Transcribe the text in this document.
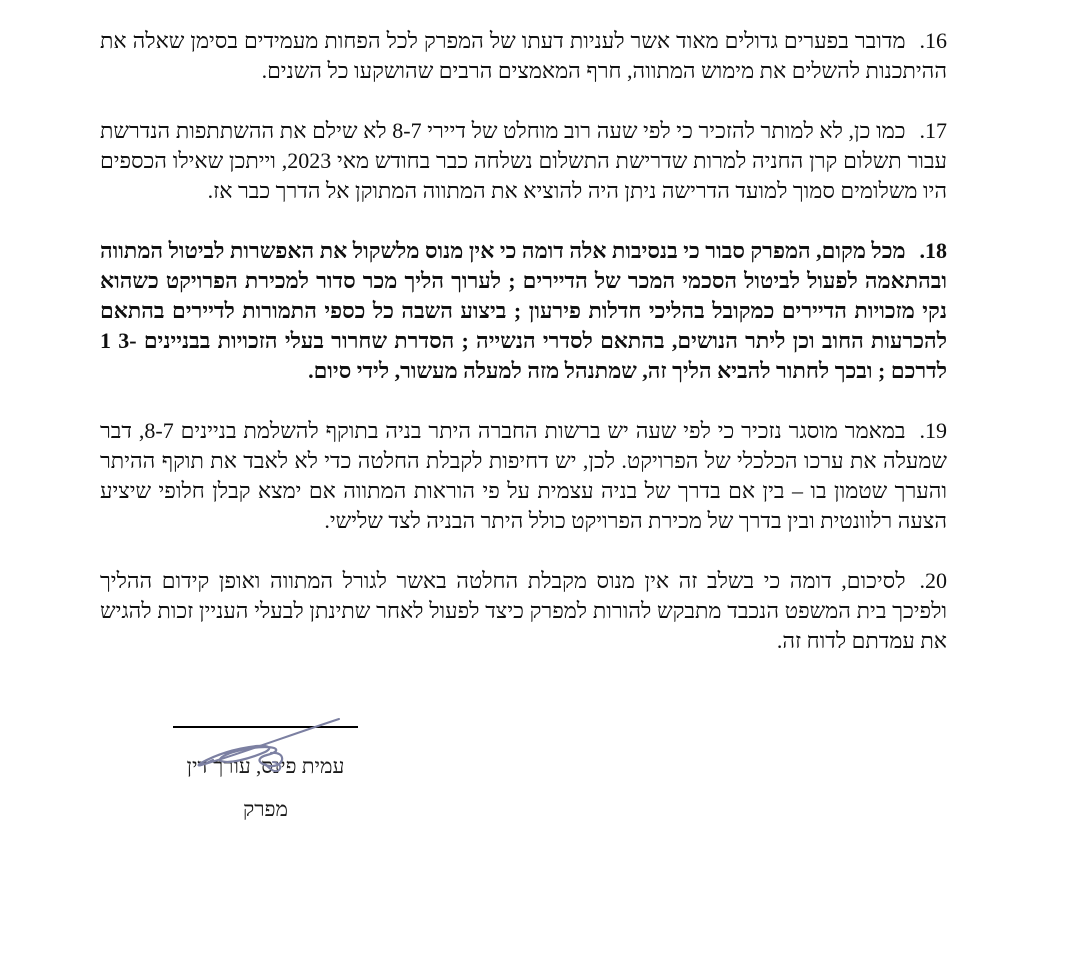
16.מדובר בפערים גדולים מאוד אשר לעניות דעתו של המפרק לכל הפחות מעמידים בסימן שאלה את ההיתכנות להשלים את מימוש המתווה, חרף המאמצים הרבים שהושקעו כל השנים.
17.כמו כן, לא למותר להזכיר כי לפי שעה רוב מוחלט של דיירי 8-7 לא שילם את ההשתתפות הנדרשת עבור תשלום קרן החניה למרות שדרישת התשלום נשלחה כבר בחודש מאי 2023, וייתכן שאילו הכספים היו משלומים סמוך למועד הדרישה ניתן היה להוציא את המתווה המתוקן אל הדרך כבר אז.
18.מכל מקום, המפרק סבור כי בנסיבות אלה דומה כי אין מנוס מלשקול את האפשרות לביטול המתווה ובהתאמה לפעול לביטול הסכמי המכר של הדיירים ; לערוך הליך מכר סדור למכירת הפרויקט כשהוא נקי מזכויות הדיירים כמקובל בהליכי חדלות פירעון ; ביצוע השבה כל כספי התמורות לדיירים בהתאם להכרעות החוב וכן ליתר הנושים, בהתאם לסדרי הנשייה ; הסדרת שחרור בעלי הזכויות בבניינים -3 1 לדרכם ; ובכך לחתור להביא הליך זה, שמתנהל מזה למעלה מעשור, לידי סיום.
19.במאמר מוסגר נזכיר כי לפי שעה יש ברשות החברה היתר בניה בתוקף להשלמת בניינים 8-7, דבר שמעלה את ערכו הכלכלי של הפרויקט. לכן, יש דחיפות לקבלת החלטה כדי לא לאבד את תוקף ההיתר והערך שטמון בו – בין אם בדרך של בניה עצמית על פי הוראות המתווה אם ימצא קבלן חלופי שיציע הצעה רלוונטית ובין בדרך של מכירת הפרויקט כולל היתר הבניה לצד שלישי.
20.לסיכום, דומה כי בשלב זה אין מנוס מקבלת החלטה באשר לגורל המתווה ואופן קידום ההליך ולפיכך בית המשפט הנכבד מתבקש להורות למפרק כיצד לפעול לאחר שתינתן לבעלי העניין זכות להגיש את עמדתם לדוח זה.
עמית פינס, עורך דין
מפרק
